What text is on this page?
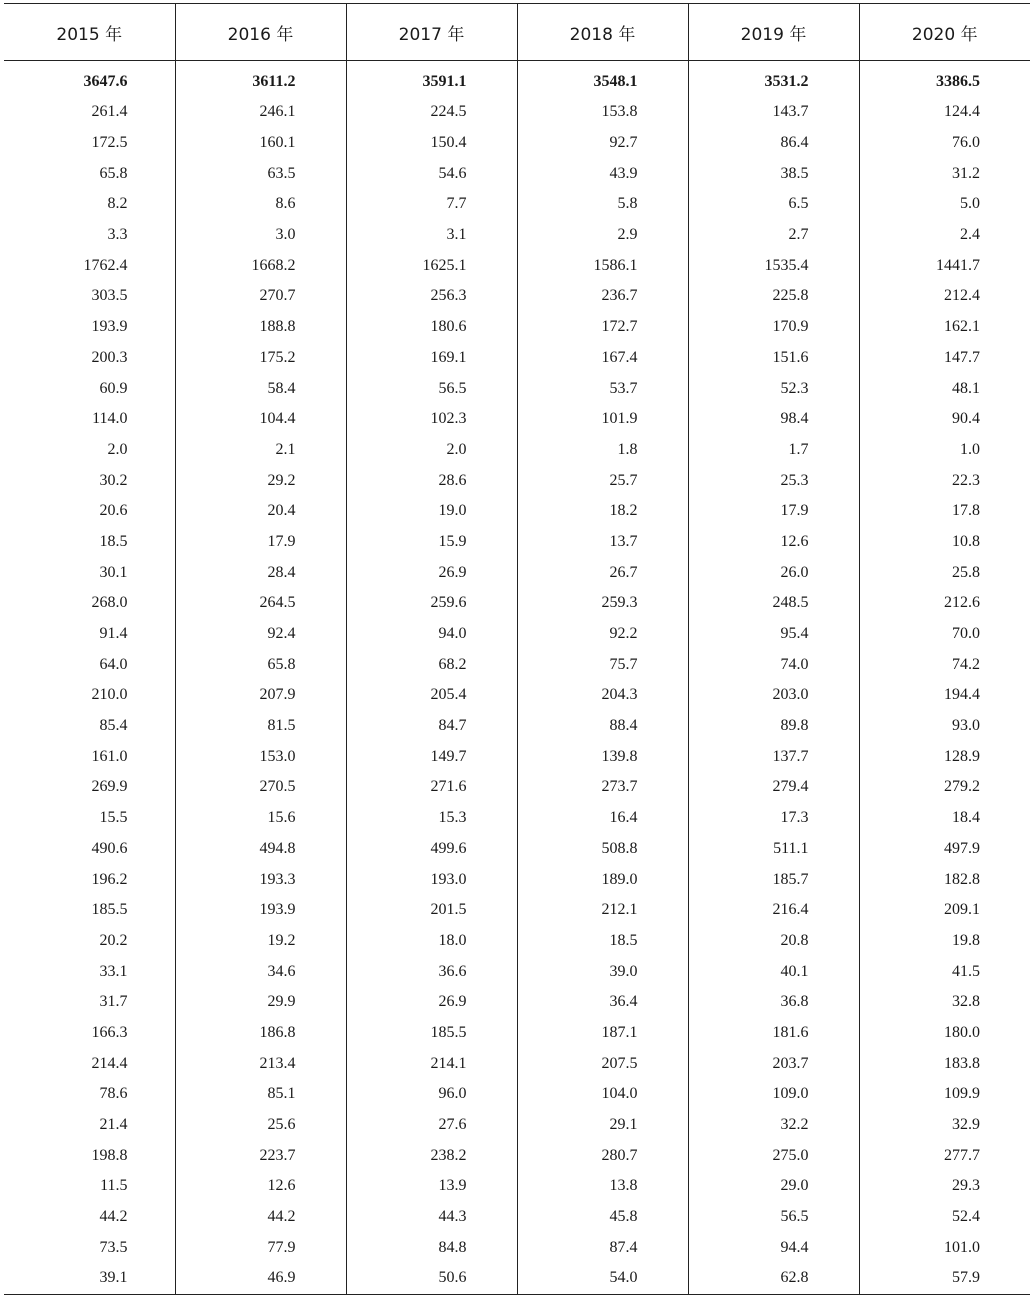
2015 年	2016 年	2017 年	2018 年	2019 年	2020 年
3647.6	3611.2	3591.1	3548.1	3531.2	3386.5
261.4	246.1	224.5	153.8	143.7	124.4
172.5	160.1	150.4	92.7	86.4	76.0
65.8	63.5	54.6	43.9	38.5	31.2
8.2	8.6	7.7	5.8	6.5	5.0
3.3	3.0	3.1	2.9	2.7	2.4
1762.4	1668.2	1625.1	1586.1	1535.4	1441.7
303.5	270.7	256.3	236.7	225.8	212.4
193.9	188.8	180.6	172.7	170.9	162.1
200.3	175.2	169.1	167.4	151.6	147.7
60.9	58.4	56.5	53.7	52.3	48.1
114.0	104.4	102.3	101.9	98.4	90.4
2.0	2.1	2.0	1.8	1.7	1.0
30.2	29.2	28.6	25.7	25.3	22.3
20.6	20.4	19.0	18.2	17.9	17.8
18.5	17.9	15.9	13.7	12.6	10.8
30.1	28.4	26.9	26.7	26.0	25.8
268.0	264.5	259.6	259.3	248.5	212.6
91.4	92.4	94.0	92.2	95.4	70.0
64.0	65.8	68.2	75.7	74.0	74.2
210.0	207.9	205.4	204.3	203.0	194.4
85.4	81.5	84.7	88.4	89.8	93.0
161.0	153.0	149.7	139.8	137.7	128.9
269.9	270.5	271.6	273.7	279.4	279.2
15.5	15.6	15.3	16.4	17.3	18.4
490.6	494.8	499.6	508.8	511.1	497.9
196.2	193.3	193.0	189.0	185.7	182.8
185.5	193.9	201.5	212.1	216.4	209.1
20.2	19.2	18.0	18.5	20.8	19.8
33.1	34.6	36.6	39.0	40.1	41.5
31.7	29.9	26.9	36.4	36.8	32.8
166.3	186.8	185.5	187.1	181.6	180.0
214.4	213.4	214.1	207.5	203.7	183.8
78.6	85.1	96.0	104.0	109.0	109.9
21.4	25.6	27.6	29.1	32.2	32.9
198.8	223.7	238.2	280.7	275.0	277.7
11.5	12.6	13.9	13.8	29.0	29.3
44.2	44.2	44.3	45.8	56.5	52.4
73.5	77.9	84.8	87.4	94.4	101.0
39.1	46.9	50.6	54.0	62.8	57.9
